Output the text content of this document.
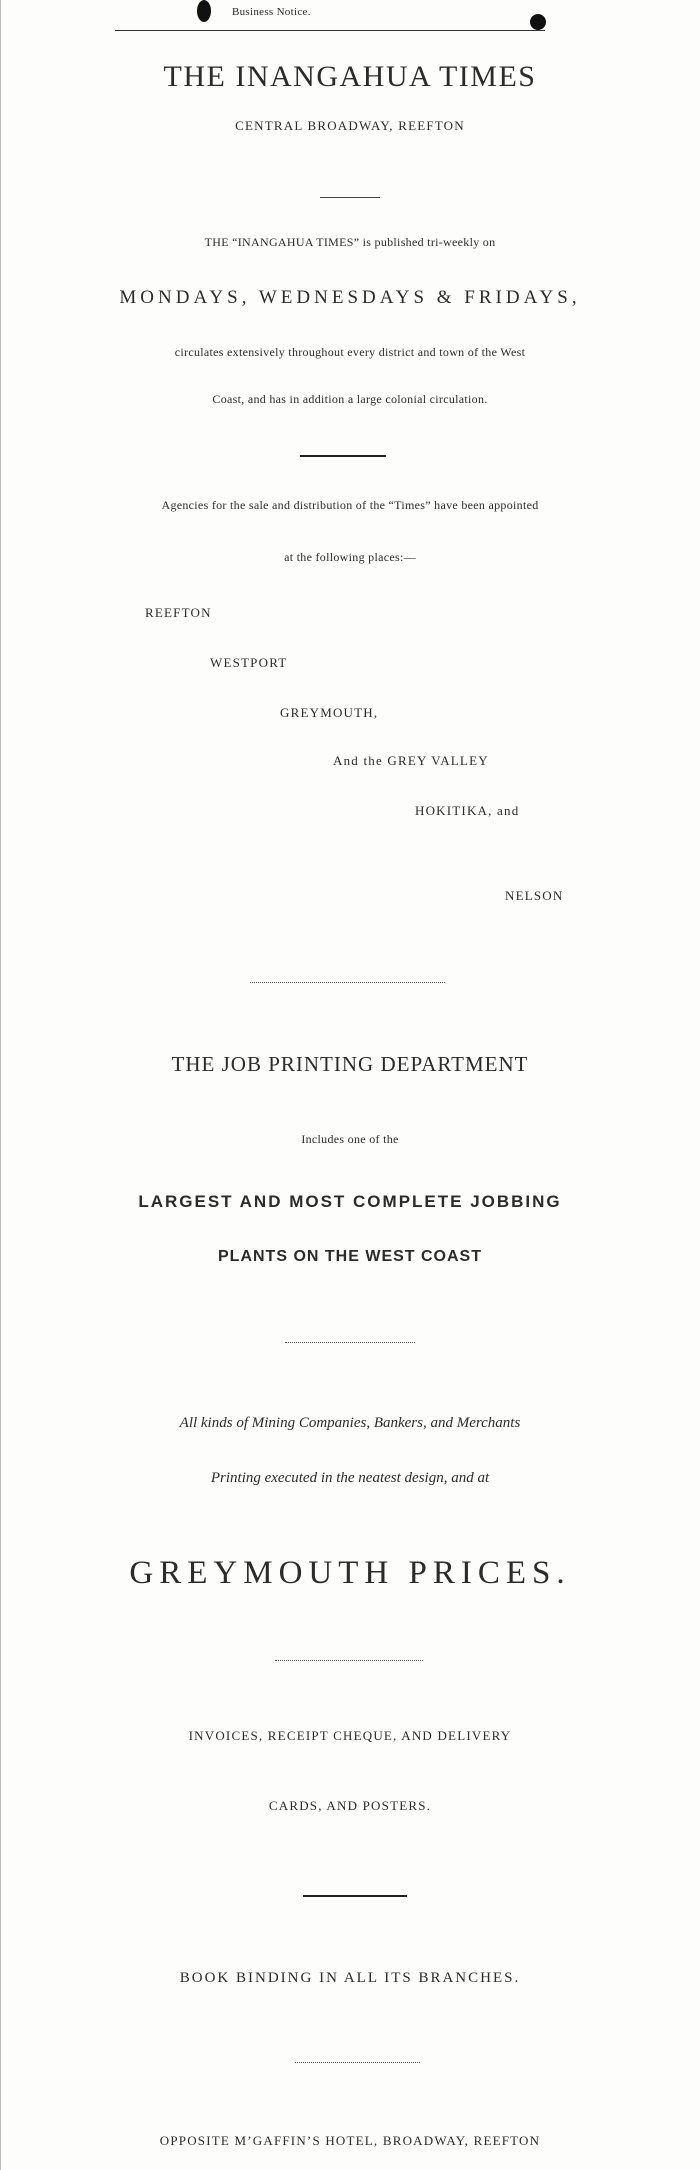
Business Notice.
THE INANGAHUA TIMES
CENTRAL BROADWAY, REEFTON
THE “INANGAHUA TIMES” is published tri-weekly on
MONDAYS, WEDNESDAYS & FRIDAYS,
circulates extensively throughout every district and town of the West
Coast, and has in addition a large colonial circulation.
Agencies for the sale and distribution of the “Times” have been appointed
at the following places:—
REEFTON
WESTPORT
GREYMOUTH,
And the GREY VALLEY
HOKITIKA, and
NELSON
THE JOB PRINTING DEPARTMENT
Includes one of the
LARGEST AND MOST COMPLETE JOBBING
PLANTS ON THE WEST COAST
All kinds of Mining Companies, Bankers, and Merchants
Printing executed in the neatest design, and at
GREYMOUTH PRICES.
INVOICES, RECEIPT CHEQUE, AND DELIVERY
CARDS, AND POSTERS.
BOOK BINDING IN ALL ITS BRANCHES.
OPPOSITE M’GAFFIN’S HOTEL, BROADWAY, REEFTON
